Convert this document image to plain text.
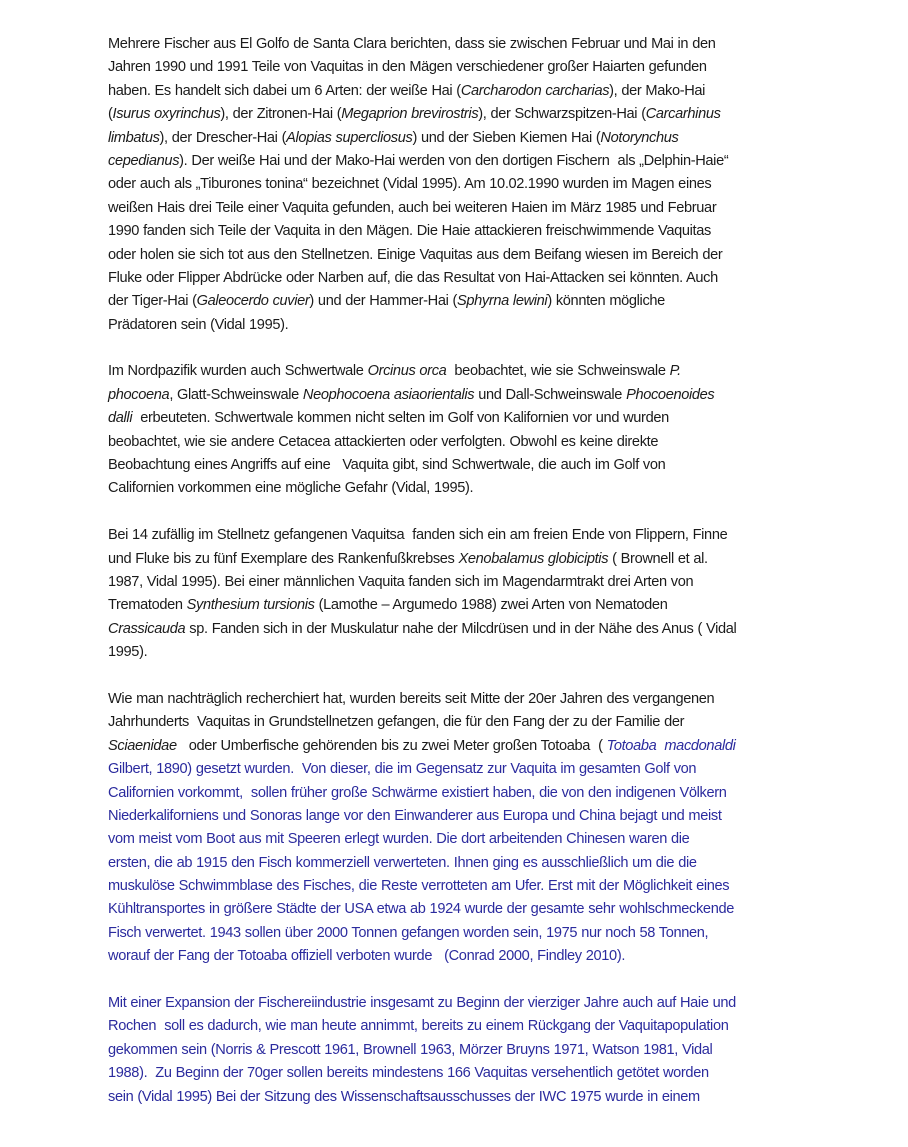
Mehrere Fischer aus El Golfo de Santa Clara berichten, dass sie zwischen Februar und Mai in den
Jahren 1990 und 1991 Teile von Vaquitas in den Mägen verschiedener großer Haiarten gefunden
haben. Es handelt sich dabei um 6 Arten: der weiße Hai (Carcharodon carcharias), der Mako-Hai
(Isurus oxyrinchus), der Zitronen-Hai (Megaprion brevirostris), der Schwarzspitzen-Hai (Carcarhinus
limbatus), der Drescher-Hai (Alopias supercliosus) und der Sieben Kiemen Hai (Notorynchus
cepedianus). Der weiße Hai und der Mako-Hai werden von den dortigen Fischern  als „Delphin-Haie“
oder auch als „Tiburones tonina“ bezeichnet (Vidal 1995). Am 10.02.1990 wurden im Magen eines
weißen Hais drei Teile einer Vaquita gefunden, auch bei weiteren Haien im März 1985 und Februar
1990 fanden sich Teile der Vaquita in den Mägen. Die Haie attackieren freischwimmende Vaquitas
oder holen sie sich tot aus den Stellnetzen. Einige Vaquitas aus dem Beifang wiesen im Bereich der
Fluke oder Flipper Abdrücke oder Narben auf, die das Resultat von Hai-Attacken sei könnten. Auch
der Tiger-Hai (Galeocerdo cuvier) und der Hammer-Hai (Sphyrna lewini) könnten mögliche
Prädatoren sein (Vidal 1995).
Im Nordpazifik wurden auch Schwertwale Orcinus orca  beobachtet, wie sie Schweinswale P.
phocoena, Glatt-Schweinswale Neophocoena asiaorientalis und Dall-Schweinswale Phocoenoides
dalli  erbeuteten. Schwertwale kommen nicht selten im Golf von Kalifornien vor und wurden
beobachtet, wie sie andere Cetacea attackierten oder verfolgten. Obwohl es keine direkte
Beobachtung eines Angriffs auf eine   Vaquita gibt, sind Schwertwale, die auch im Golf von
Californien vorkommen eine mögliche Gefahr (Vidal, 1995).
Bei 14 zufällig im Stellnetz gefangenen Vaquitsa  fanden sich ein am freien Ende von Flippern, Finne
und Fluke bis zu fünf Exemplare des Rankenfußkrebses Xenobalamus globiciptis ( Brownell et al.
1987, Vidal 1995). Bei einer männlichen Vaquita fanden sich im Magendarmtrakt drei Arten von
Trematoden Synthesium tursionis (Lamothe – Argumedo 1988) zwei Arten von Nematoden
Crassicauda sp. Fanden sich in der Muskulatur nahe der Milcdrüsen und in der Nähe des Anus ( Vidal
1995).
Wie man nachträglich recherchiert hat, wurden bereits seit Mitte der 20er Jahren des vergangenen
Jahrhunderts  Vaquitas in Grundstellnetzen gefangen, die für den Fang der zu der Familie der
Sciaenidae   oder Umberfische gehörenden bis zu zwei Meter großen Totoaba  ( Totoaba  macdonaldi
Gilbert, 1890) gesetzt wurden.  Von dieser, die im Gegensatz zur Vaquita im gesamten Golf von
Californien vorkommt,  sollen früher große Schwärme existiert haben, die von den indigenen Völkern
Niederkaliforniens und Sonoras lange vor den Einwanderer aus Europa und China bejagt und meist
vom meist vom Boot aus mit Speeren erlegt wurden. Die dort arbeitenden Chinesen waren die
ersten, die ab 1915 den Fisch kommerziell verwerteten. Ihnen ging es ausschließlich um die die
muskulöse Schwimmblase des Fisches, die Reste verrotteten am Ufer. Erst mit der Möglichkeit eines
Kühltransportes in größere Städte der USA etwa ab 1924 wurde der gesamte sehr wohlschmeckende
Fisch verwertet. 1943 sollen über 2000 Tonnen gefangen worden sein, 1975 nur noch 58 Tonnen,
worauf der Fang der Totoaba offiziell verboten wurde   (Conrad 2000, Findley 2010).
Mit einer Expansion der Fischereiindustrie insgesamt zu Beginn der vierziger Jahre auch auf Haie und
Rochen  soll es dadurch, wie man heute annimmt, bereits zu einem Rückgang der Vaquitapopulation
gekommen sein (Norris & Prescott 1961, Brownell 1963, Mörzer Bruyns 1971, Watson 1981, Vidal
1988).  Zu Beginn der 70ger sollen bereits mindestens 166 Vaquitas versehentlich getötet worden
sein (Vidal 1995) Bei der Sitzung des Wissenschaftsausschusses der IWC 1975 wurde in einem
